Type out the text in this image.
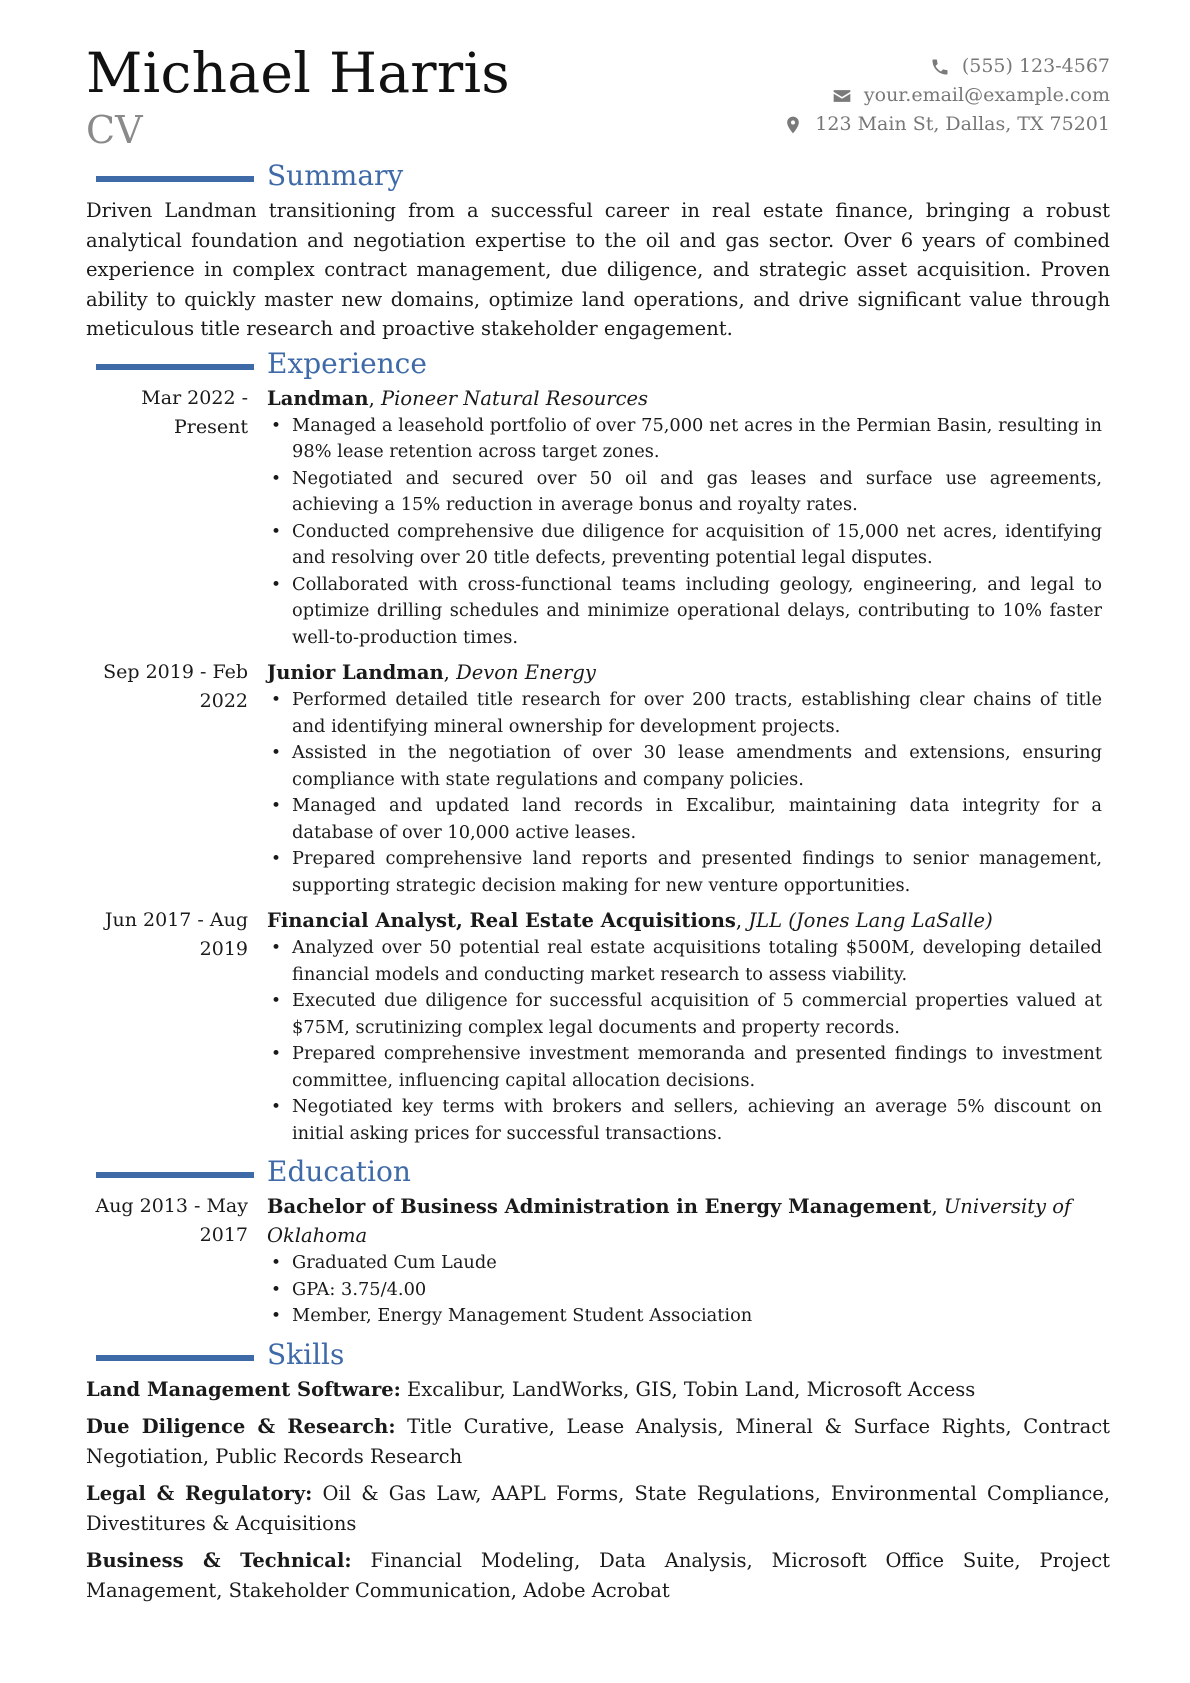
Michael Harris
CV
(555) 123-4567
your.email@example.com
123 Main St, Dallas, TX 75201
Summary

Driven Landman transitioning from a successful career in real estate finance, bringing a robust analytical foundation and negotiation expertise to the oil and gas sector. Over 6 years of combined experience in complex contract management, due diligence, and strategic asset acquisition. Proven ability to quickly master new domains, optimize land operations, and drive significant value through meticulous title research and proactive stakeholder engagement.

Experience
Mar 2022 - Present
Landman, Pioneer Natural Resources
• Managed a leasehold portfolio of over 75,000 net acres in the Permian Basin, resulting in 98% lease retention across target zones.
• Negotiated and secured over 50 oil and gas leases and surface use agreements, achieving a 15% reduction in average bonus and royalty rates.
• Conducted comprehensive due diligence for acquisition of 15,000 net acres, identifying and resolving over 20 title defects, preventing potential legal disputes.
• Collaborated with cross-functional teams including geology, engineering, and legal to optimize drilling schedules and minimize operational delays, contributing to 10% faster well-to-production times.
Sep 2019 - Feb 2022
Junior Landman, Devon Energy
• Performed detailed title research for over 200 tracts, establishing clear chains of title and identifying mineral ownership for development projects.
• Assisted in the negotiation of over 30 lease amendments and extensions, ensuring compliance with state regulations and company policies.
• Managed and updated land records in Excalibur, maintaining data integrity for a database of over 10,000 active leases.
• Prepared comprehensive land reports and presented findings to senior management, supporting strategic decision making for new venture opportunities.
Jun 2017 - Aug 2019
Financial Analyst, Real Estate Acquisitions, JLL (Jones Lang LaSalle)
• Analyzed over 50 potential real estate acquisitions totaling $500M, developing detailed financial models and conducting market research to assess viability.
• Executed due diligence for successful acquisition of 5 commercial properties valued at $75M, scrutinizing complex legal documents and property records.
• Prepared comprehensive investment memoranda and presented findings to investment committee, influencing capital allocation decisions.
• Negotiated key terms with brokers and sellers, achieving an average 5% discount on initial asking prices for successful transactions.
Education
Aug 2013 - May 2017
Bachelor of Business Administration in Energy Management, University of Oklahoma
• Graduated Cum Laude
• GPA: 3.75/4.00
• Member, Energy Management Student Association
Skills
Land Management Software: Excalibur, LandWorks, GIS, Tobin Land, Microsoft Access
Due Diligence & Research: Title Curative, Lease Analysis, Mineral & Surface Rights, Contract Negotiation, Public Records Research
Legal & Regulatory: Oil & Gas Law, AAPL Forms, State Regulations, Environmental Compliance, Divestitures & Acquisitions
Business & Technical: Financial Modeling, Data Analysis, Microsoft Office Suite, Project Management, Stakeholder Communication, Adobe Acrobat
